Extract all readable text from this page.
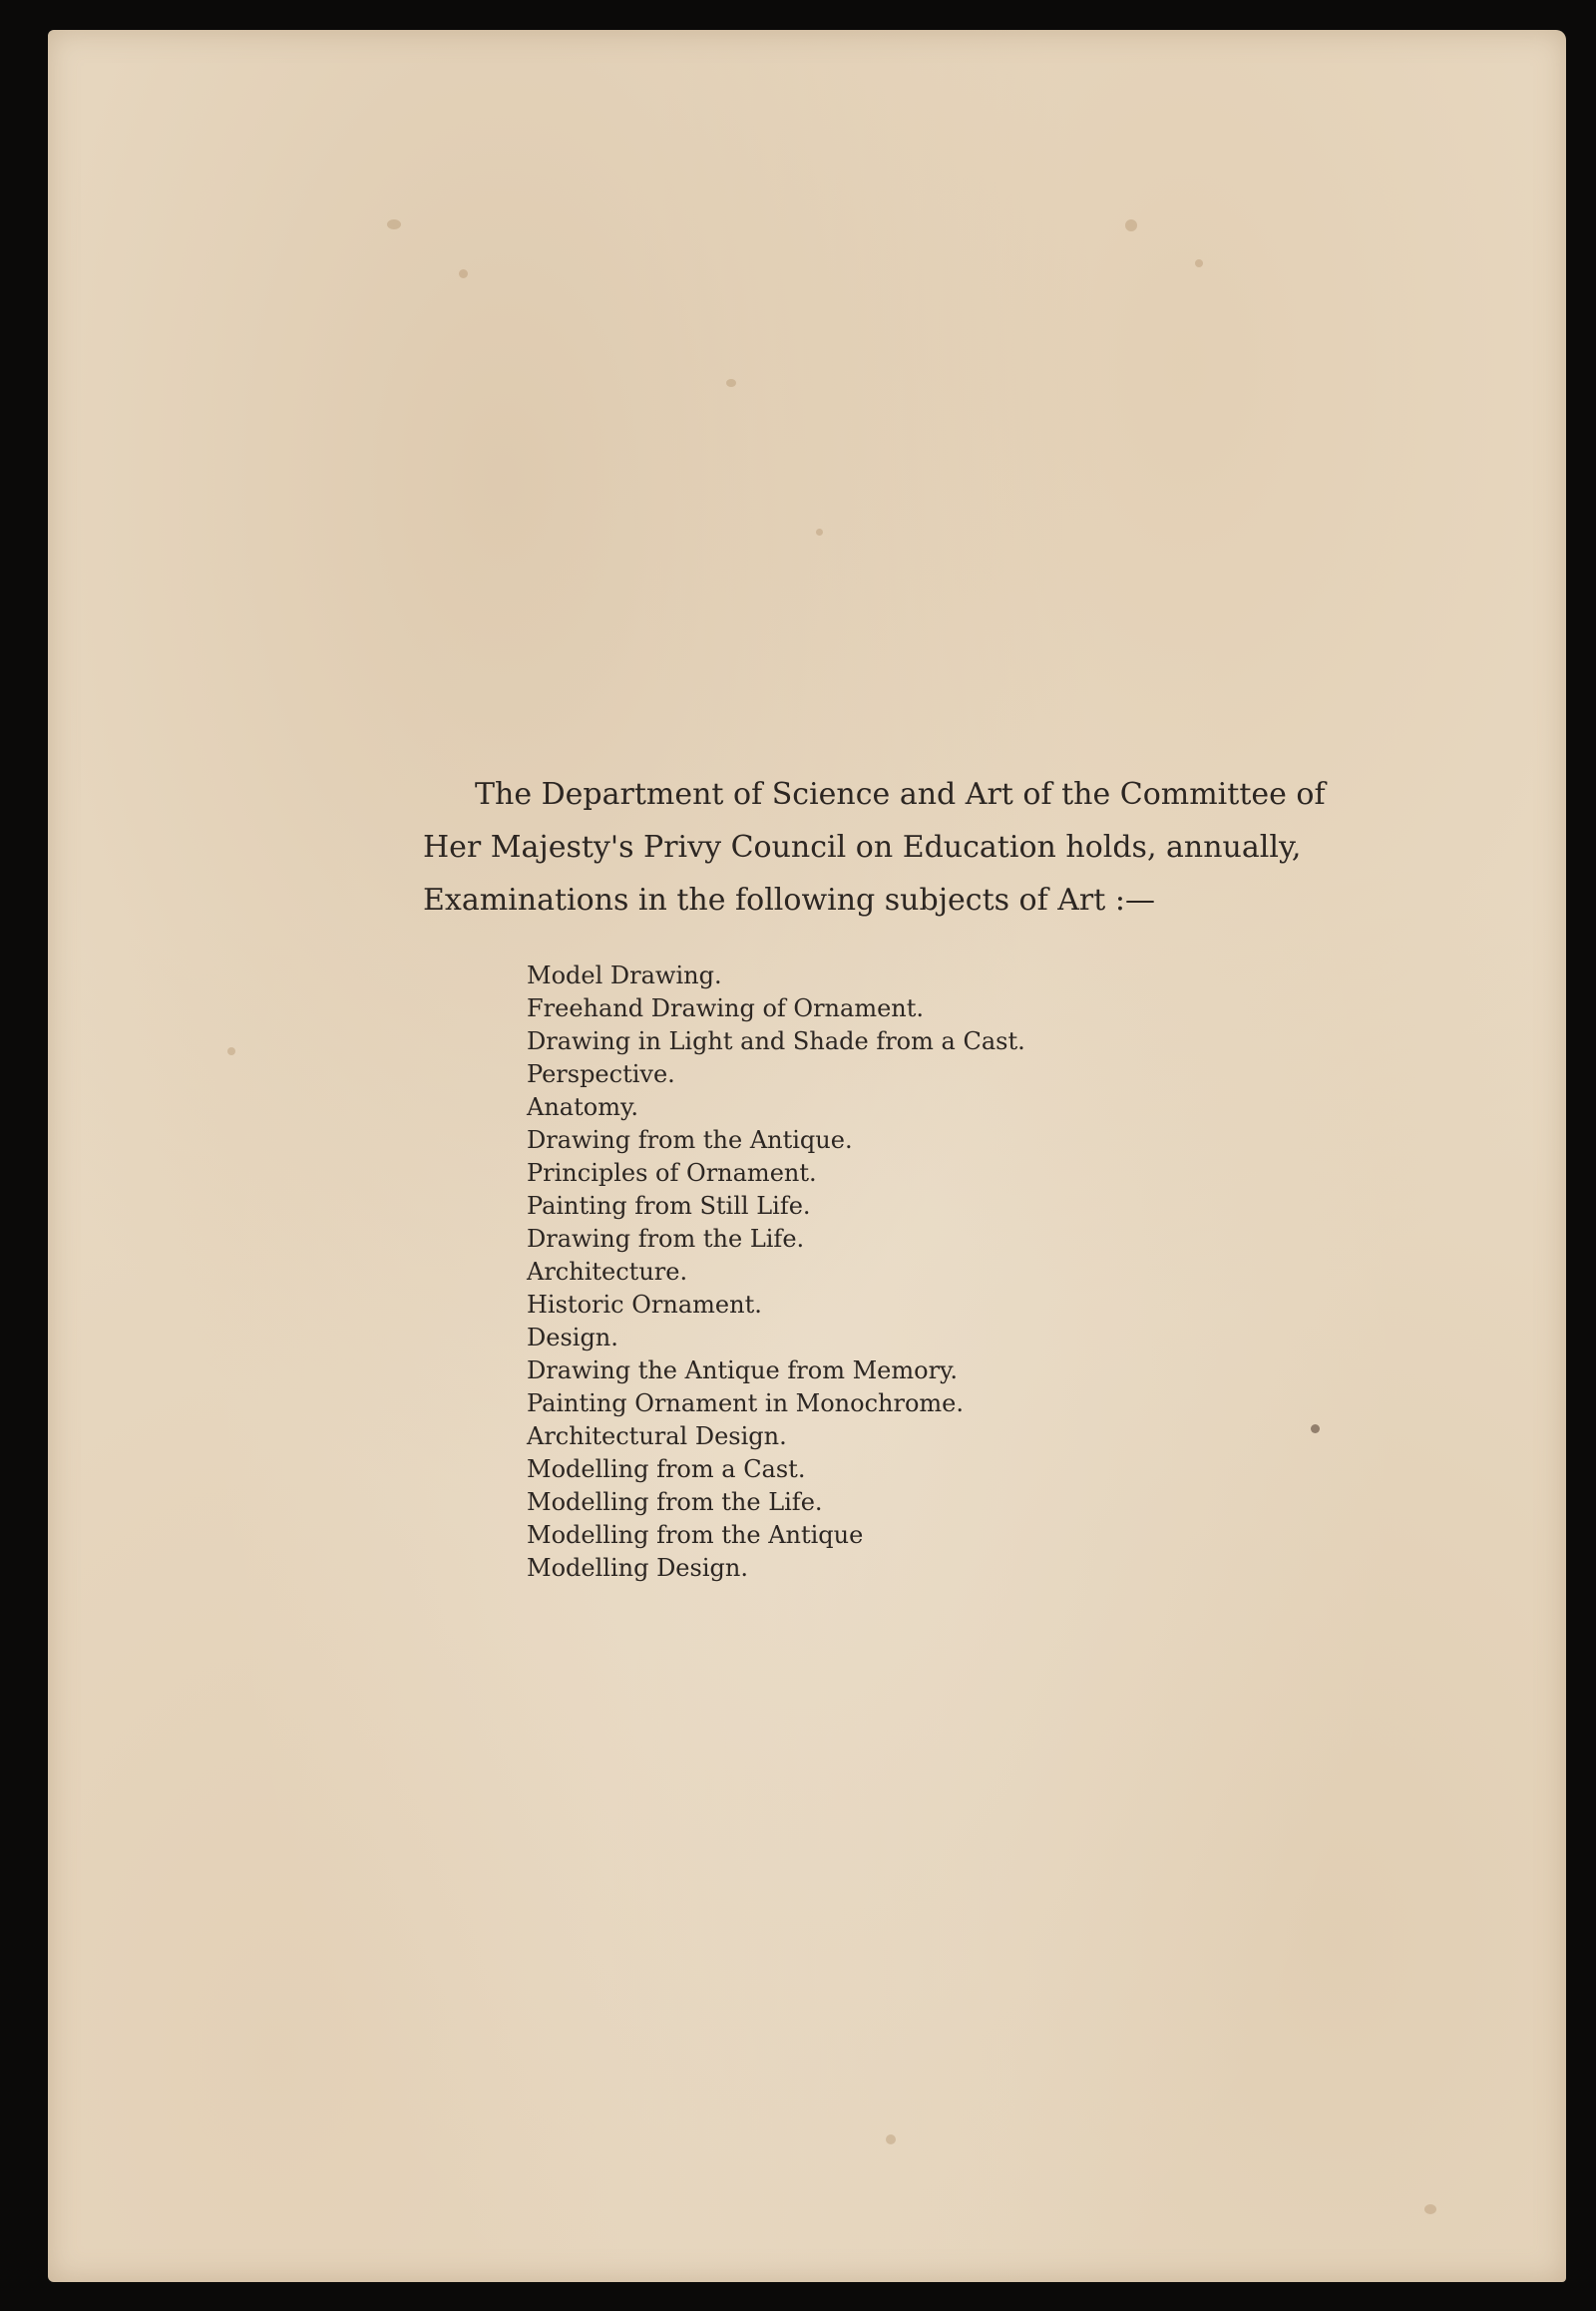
The Department of Science and Art of the Committee of
Her Majesty's Privy Council on Education holds, annually,
Examinations in the following subjects of Art :—

Model Drawing.
Freehand Drawing of Ornament.
Drawing in Light and Shade from a Cast.
Perspective.
Anatomy.
Drawing from the Antique.
Principles of Ornament.
Painting from Still Life.
Drawing from the Life.
Architecture.
Historic Ornament.
Design.
Drawing the Antique from Memory.
Painting Ornament in Monochrome.
Architectural Design.
Modelling from a Cast.
Modelling from the Life.
Modelling from the Antique
Modelling Design.
